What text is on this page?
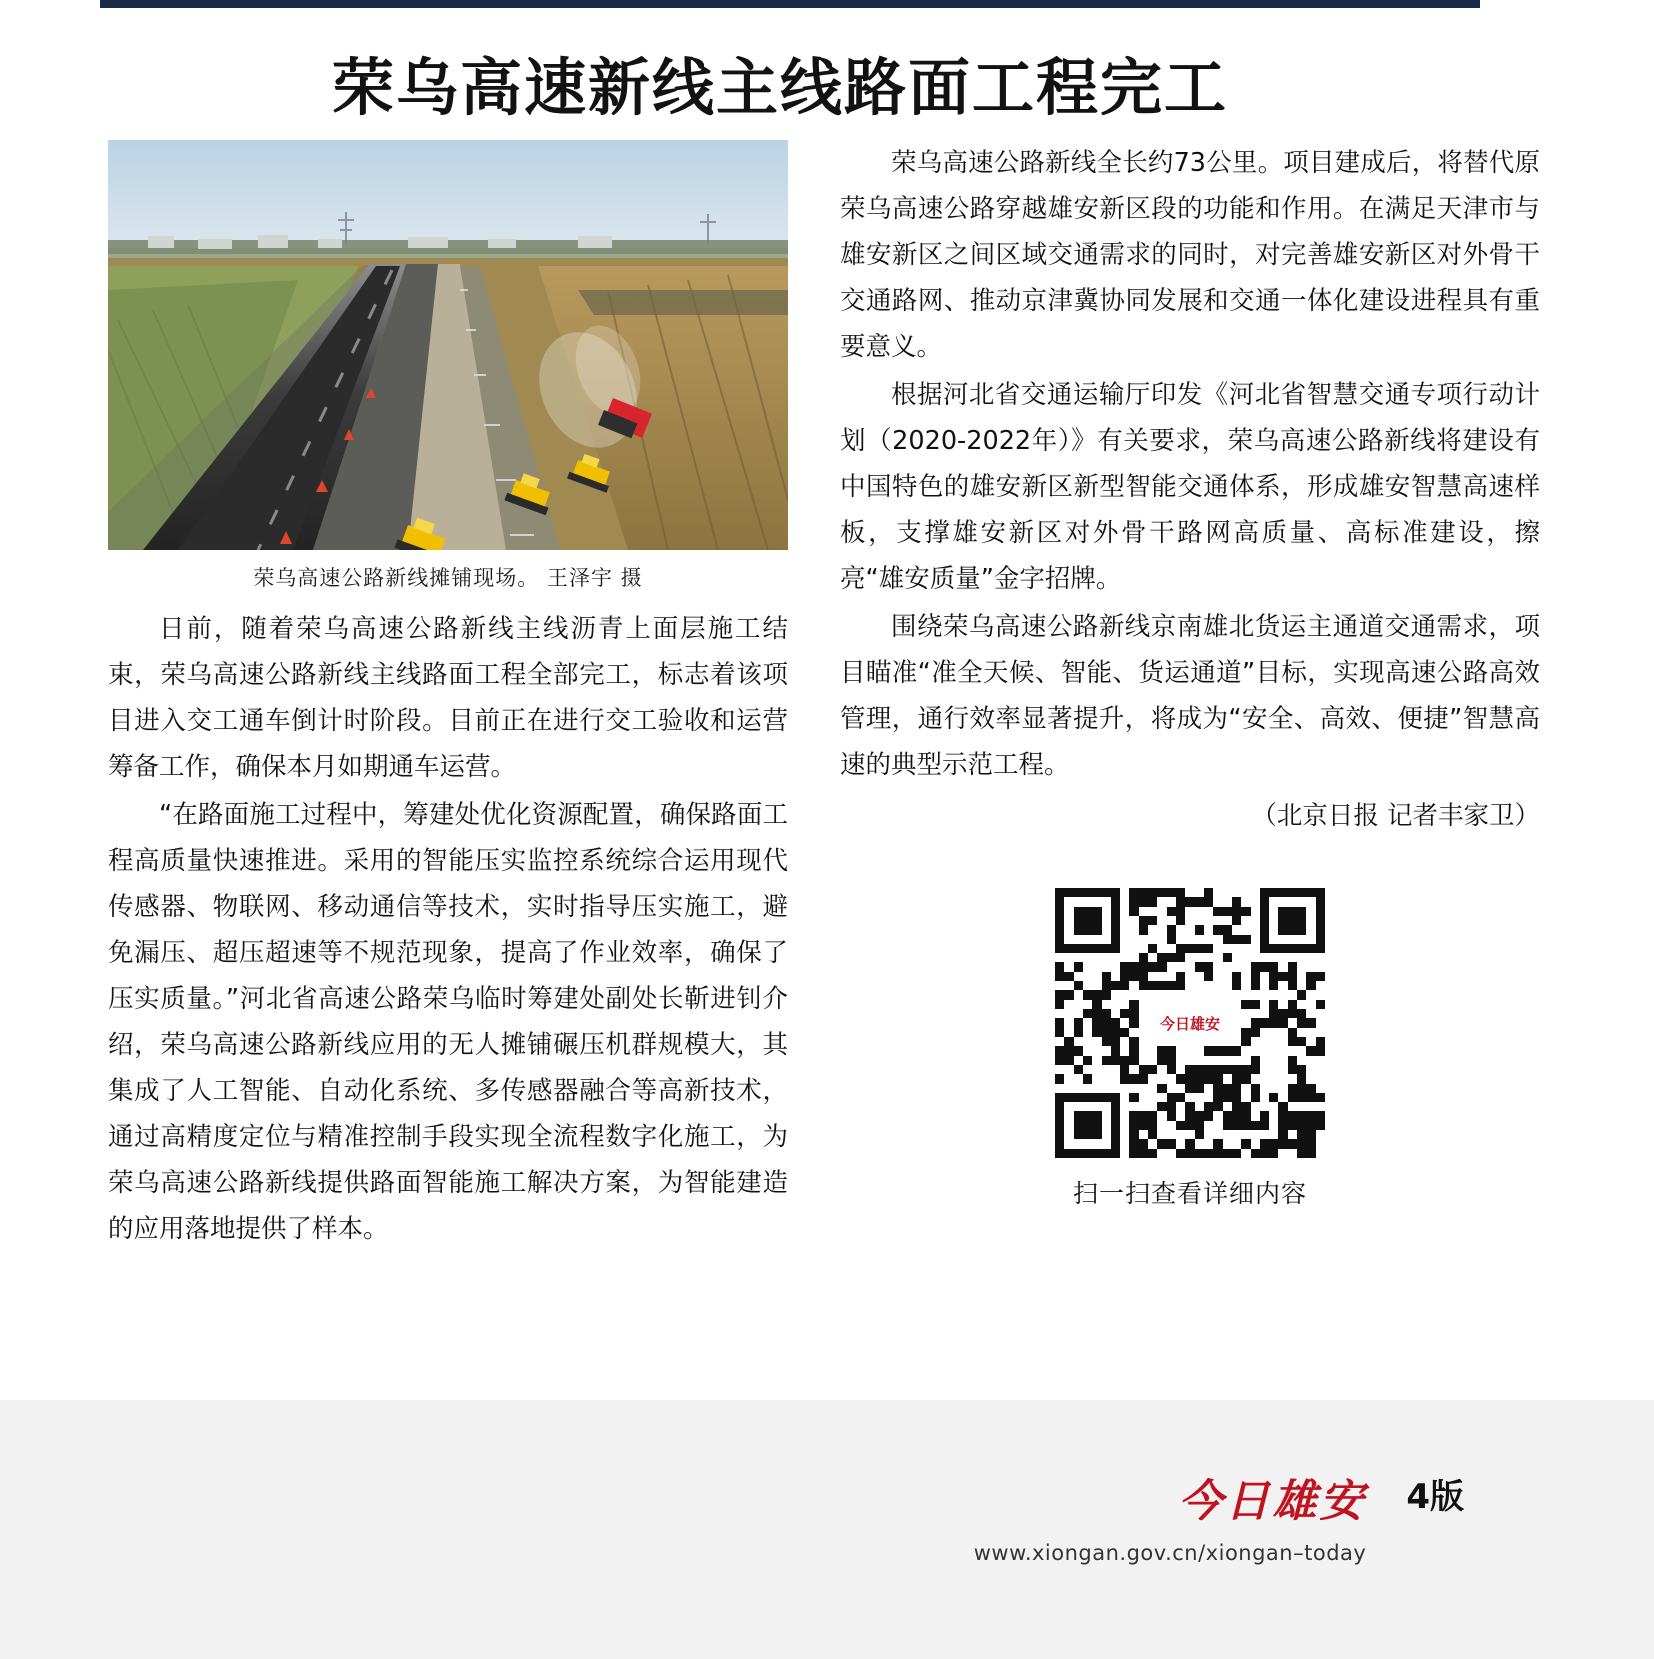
荣乌高速新线主线路面工程完工
荣乌高速公路新线摊铺现场。 王泽宇 摄

日前，随着荣乌高速公路新线主线沥青上面层施工结束，荣乌高速公路新线主线路面工程全部完工，标志着该项目进入交工通车倒计时阶段。目前正在进行交工验收和运营筹备工作，确保本月如期通车运营。

“在路面施工过程中，筹建处优化资源配置，确保路面工程高质量快速推进。采用的智能压实监控系统综合运用现代传感器、物联网、移动通信等技术，实时指导压实施工，避免漏压、超压超速等不规范现象，提高了作业效率，确保了压实质量。”河北省高速公路荣乌临时筹建处副处长靳进钊介绍，荣乌高速公路新线应用的无人摊铺碾压机群规模大，其集成了人工智能、自动化系统、多传感器融合等高新技术，通过高精度定位与精准控制手段实现全流程数字化施工，为荣乌高速公路新线提供路面智能施工解决方案，为智能建造的应用落地提供了样本。

荣乌高速公路新线全长约73公里。项目建成后，将替代原荣乌高速公路穿越雄安新区段的功能和作用。在满足天津市与雄安新区之间区域交通需求的同时，对完善雄安新区对外骨干交通路网、推动京津冀协同发展和交通一体化建设进程具有重要意义。

根据河北省交通运输厅印发《河北省智慧交通专项行动计划（2020-2022年）》有关要求，荣乌高速公路新线将建设有中国特色的雄安新区新型智能交通体系，形成雄安智慧高速样板，支撑雄安新区对外骨干路网高质量、高标准建设，擦亮“雄安质量”金字招牌。

围绕荣乌高速公路新线京南雄北货运主通道交通需求，项目瞄准“准全天候、智能、货运通道”目标，实现高速公路高效管理，通行效率显著提升，将成为“安全、高效、便捷”智慧高速的典型示范工程。

（北京日报 记者丰家卫）
今日雄安
扫一扫查看详细内容
今日雄安
www.xiongan.gov.cn/xiongan–today
4版
